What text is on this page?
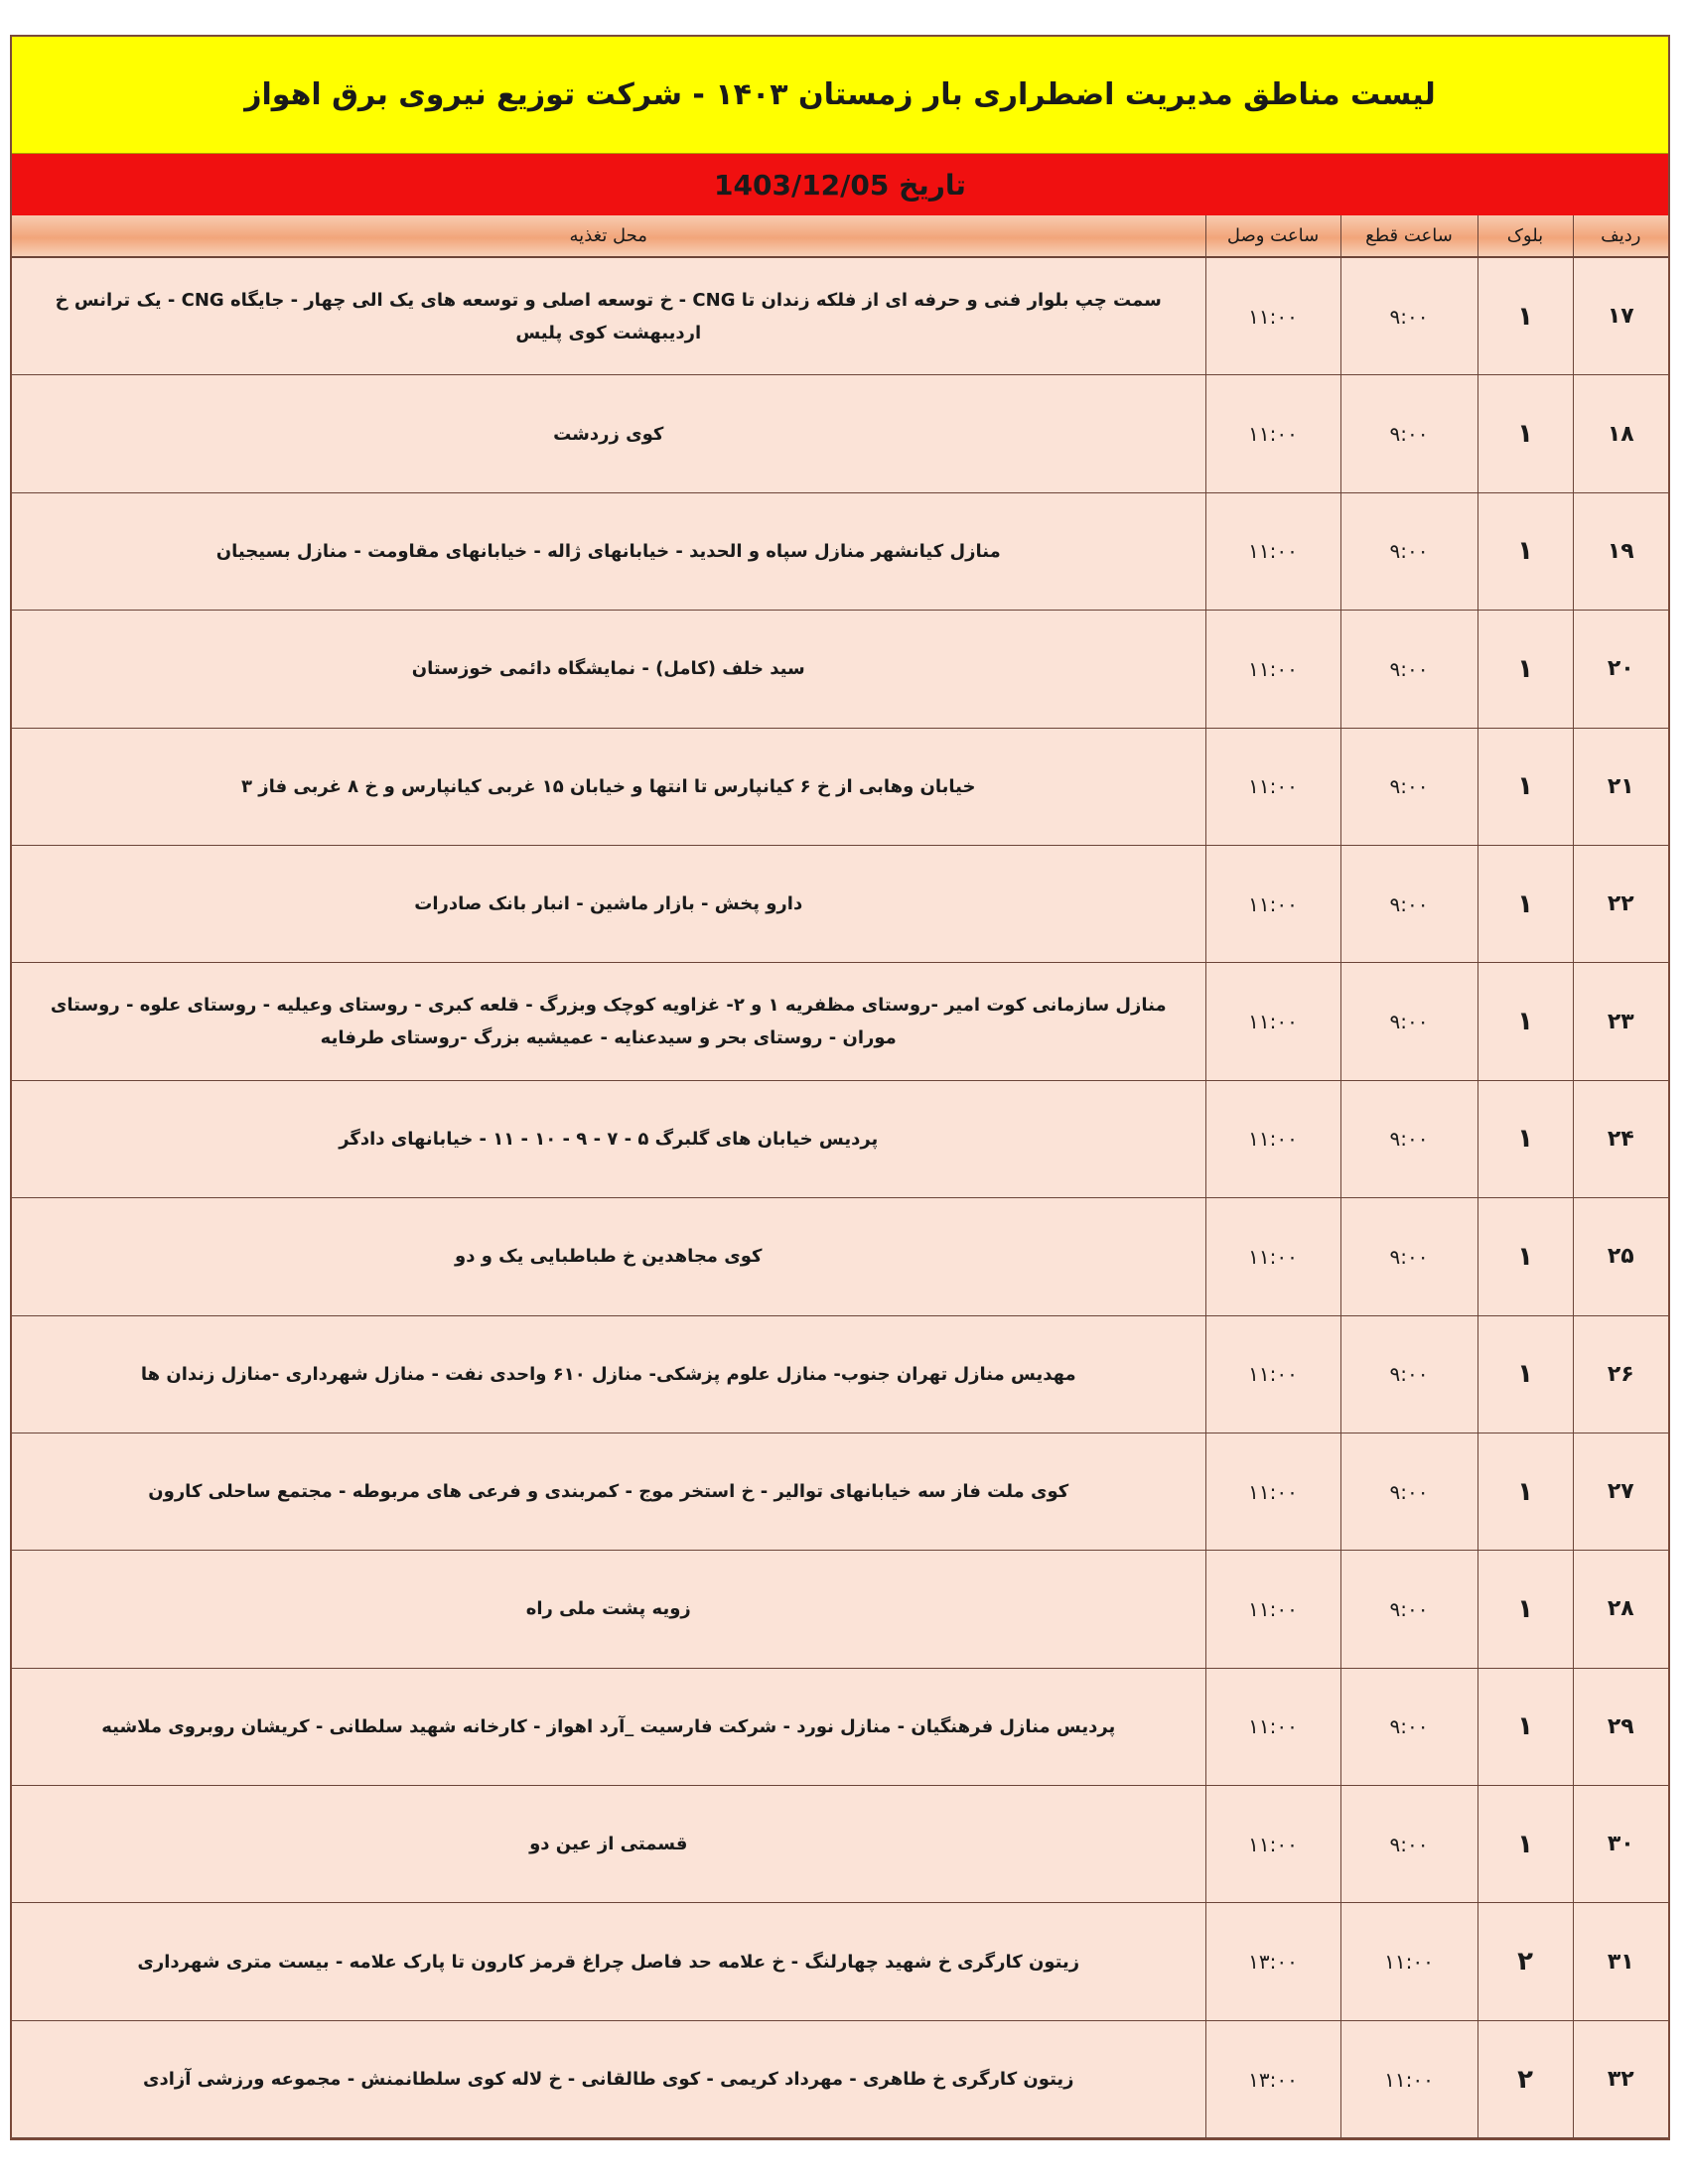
لیست مناطق مدیریت اضطراری بار زمستان ۱۴۰۳ - شرکت توزیع نیروی برق اهواز
تاریخ 1403/12/05
ردیف	بلوک	ساعت قطع	ساعت وصل	محل تغذیه
۱۷	۱	۹:۰۰	۱۱:۰۰	سمت چپ بلوار فنی و حرفه ای از فلکه زندان تا CNG - خ توسعه اصلی و توسعه های یک الی چهار - جایگاه CNG - یک ترانس خ اردیبهشت کوی پلیس
۱۸	۱	۹:۰۰	۱۱:۰۰	کوی زردشت
۱۹	۱	۹:۰۰	۱۱:۰۰	منازل کیانشهر منازل سپاه و الحدید - خیابانهای ژاله - خیابانهای مقاومت - منازل بسیجیان
۲۰	۱	۹:۰۰	۱۱:۰۰	سید خلف (کامل) - نمایشگاه دائمی خوزستان
۲۱	۱	۹:۰۰	۱۱:۰۰	خیابان وهابی از خ ۶ کیانپارس تا انتها و خیابان ۱۵ غربی کیانپارس و خ ۸ غربی فاز ۳
۲۲	۱	۹:۰۰	۱۱:۰۰	دارو پخش - بازار ماشین - انبار بانک صادرات
۲۳	۱	۹:۰۰	۱۱:۰۰	منازل سازمانی کوت امیر -روستای مظفریه ۱ و ۲- غزاویه کوچک وبزرگ - قلعه کبری - روستای وعیلیه - روستای علوه - روستای موران - روستای بحر و سیدعنایه - عمیشیه بزرگ -روستای طرفایه
۲۴	۱	۹:۰۰	۱۱:۰۰	پردیس خیابان های گلبرگ ۵ - ۷ - ۹ - ۱۰ - ۱۱ - خیابانهای دادگر
۲۵	۱	۹:۰۰	۱۱:۰۰	کوی مجاهدین خ طباطبایی یک و دو
۲۶	۱	۹:۰۰	۱۱:۰۰	مهدیس منازل تهران جنوب- منازل علوم پزشکی- منازل ۶۱۰ واحدی نفت - منازل شهرداری -منازل زندان ها
۲۷	۱	۹:۰۰	۱۱:۰۰	کوی ملت فاز سه خیابانهای توالیر - خ استخر موج - کمربندی و فرعی های مربوطه - مجتمع ساحلی کارون
۲۸	۱	۹:۰۰	۱۱:۰۰	زویه پشت ملی راه
۲۹	۱	۹:۰۰	۱۱:۰۰	پردیس منازل فرهنگیان - منازل نورد - شرکت فارسیت _آرد اهواز - کارخانه شهید سلطانی - کریشان روبروی ملاشیه
۳۰	۱	۹:۰۰	۱۱:۰۰	قسمتی از عین دو
۳۱	۲	۱۱:۰۰	۱۳:۰۰	زیتون کارگری خ شهید چهارلنگ - خ علامه حد فاصل چراغ قرمز کارون تا پارک علامه - بیست متری شهرداری
۳۲	۲	۱۱:۰۰	۱۳:۰۰	زیتون کارگری خ طاهری - مهرداد کریمی - کوی طالقانی - خ لاله کوی سلطانمنش - مجموعه ورزشی آزادی
